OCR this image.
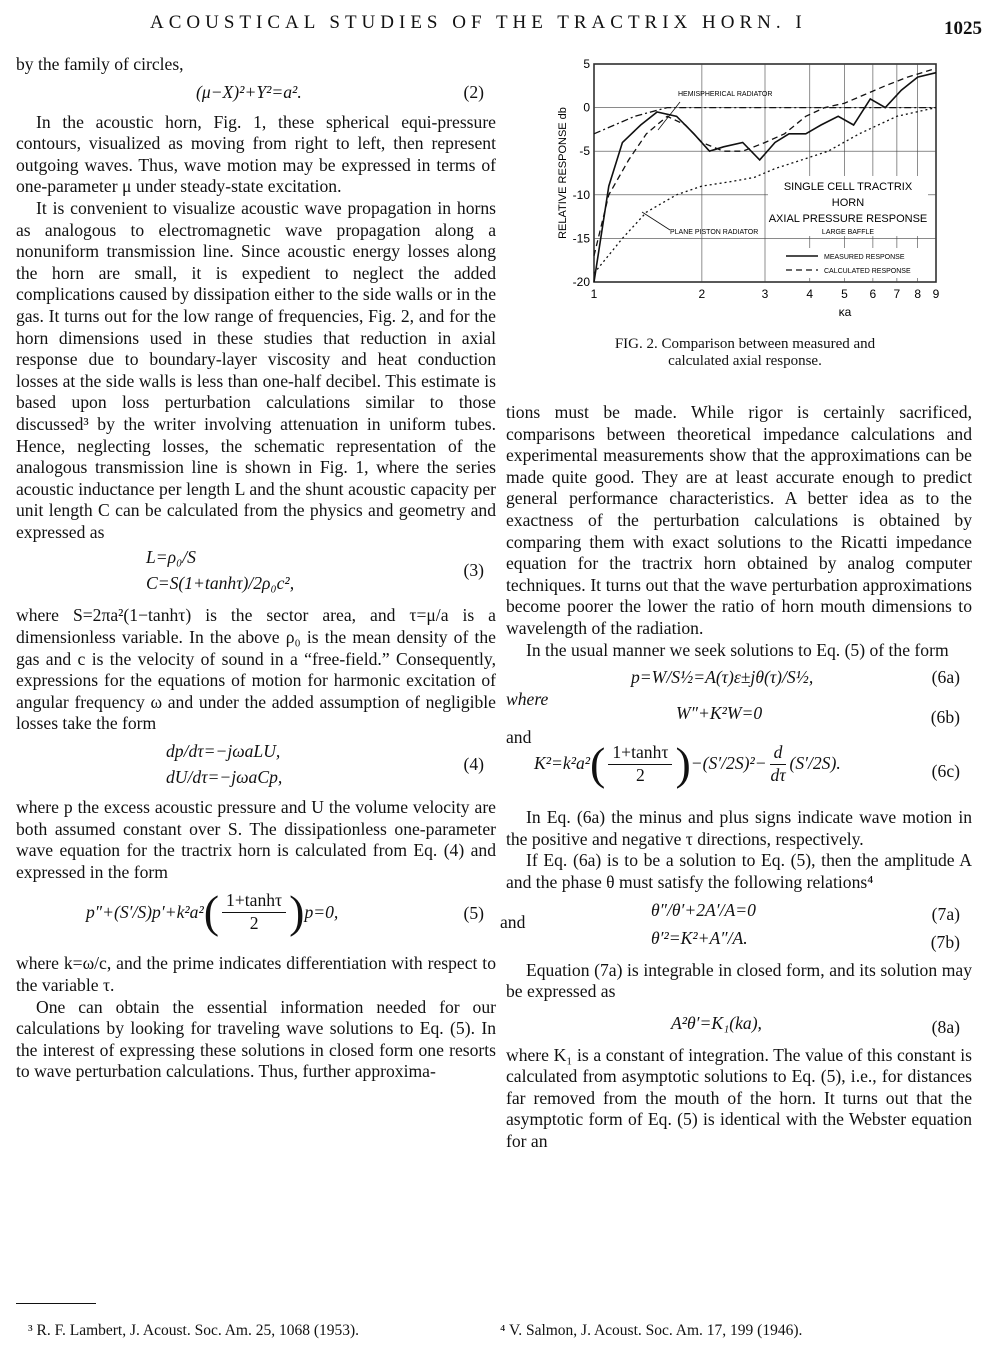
ACOUSTICAL STUDIES OF THE TRACTRIX HORN. I	1025

by the family of circles,

(μ−X)²+Y²=a².	(2)

In the acoustic horn, Fig. 1, these spherical equi-pressure contours, visualized as moving from right to left, then represent outgoing waves. Thus, wave motion may be expressed in terms of one-parameter μ under steady-state excitation.

It is convenient to visualize acoustic wave propagation in horns as analogous to electromagnetic wave propagation along a nonuniform transmission line. Since acoustic energy losses along the horn are small, it is expedient to neglect the added complications caused by dissipation either to the side walls or in the gas. It turns out for the low range of frequencies, Fig. 2, and for the horn dimensions used in these studies that reduction in axial response due to boundary-layer viscosity and heat conduction losses at the side walls is less than one-half decibel. This estimate is based upon loss perturbation calculations similar to those discussed³ by the writer involving attenuation in uniform tubes. Hence, neglecting losses, the schematic representation of the analogous transmission line is shown in Fig. 1, where the series acoustic inductance per length L and the shunt acoustic capacity per unit length C can be calculated from the physics and geometry and expressed as

L=ρ₀/S
C=S(1+tanhτ)/2ρ₀c²,
(3)

where S=2πa²(1−tanhτ) is the sector area, and τ=μ/a is a dimensionless variable. In the above ρ₀ is the mean density of the gas and c is the velocity of sound in a “free-field.” Consequently, expressions for the equations of motion for harmonic excitation of angular frequency ω and under the added assumption of negligible losses take the form

dp/dτ=−jωaLU,
dU/dτ=−jωaCp,
(4)

where p the excess acoustic pressure and U the volume velocity are both assumed constant over S. The dissipationless one-parameter wave equation for the tractrix horn is calculated from Eq. (4) and expressed in the form

p″+(S′/S)p′+k²a² ( $\frac{1+\tanh\tau}{2}$ ) p=0,	(5)

where k=ω/c, and the prime indicates differentiation with respect to the variable τ.

One can obtain the essential information needed for our calculations by looking for traveling wave solutions to Eq. (5). In the interest of expressing these solutions in closed form one resorts to wave perturbation calculations. Thus, further approxima-

1	2	3	4 5 6 7 8 9
5
0
-5
-10
-15
-20
κa
RELATIVE RESPONSE db
HEMISPHERICAL RADIATOR
PLANE PISTON RADIATOR
SINGLE CELL TRACTRIX
HORN
AXIAL PRESSURE RESPONSE
LARGE BAFFLE
MEASURED RESPONSE
CALCULATED RESPONSE
FIG. 2. Comparison between measured and
calculated axial response.

tions must be made. While rigor is certainly sacrificed, comparisons between theoretical impedance calculations and experimental measurements show that the approximations can be made quite good. They are at least accurate enough to predict general performance characteristics. A better idea as to the exactness of the perturbation calculations is obtained by comparing them with exact solutions to the Ricatti impedance equation for the tractrix horn obtained by analog computer techniques. It turns out that the wave perturbation approximations become poorer the lower the ratio of horn mouth dimensions to wavelength of the radiation.

In the usual manner we seek solutions to Eq. (5) of the form

p=W/S½=A(τ)ε±jθ(τ)/S½,	(6a)
where
W″+K²W=0	(6b)
and
K²=k²a² ( $\frac{1+\tanh\tau}{2}$ ) $-(S'/2S)^2- \frac{d}{d\tau} (S'/2S)$.	(6c)

In Eq. (6a) the minus and plus signs indicate wave motion in the positive and negative τ directions, respectively.

If Eq. (6a) is to be a solution to Eq. (5), then the amplitude A and the phase θ must satisfy the following relations⁴

θ″/θ′+2A′/A=0	(7a)
and
θ′²=K²+A″/A.	(7b)

Equation (7a) is integrable in closed form, and its solution may be expressed as

A²θ′=K₁(ka),	(8a)

where K₁ is a constant of integration. The value of this constant is calculated from asymptotic solutions to Eq. (5), i.e., for distances far removed from the mouth of the horn. It turns out that the asymptotic form of Eq. (5) is identical with the Webster equation for an

³ R. F. Lambert, J. Acoust. Soc. Am. 25, 1068 (1953).	⁴ V. Salmon, J. Acoust. Soc. Am. 17, 199 (1946).
